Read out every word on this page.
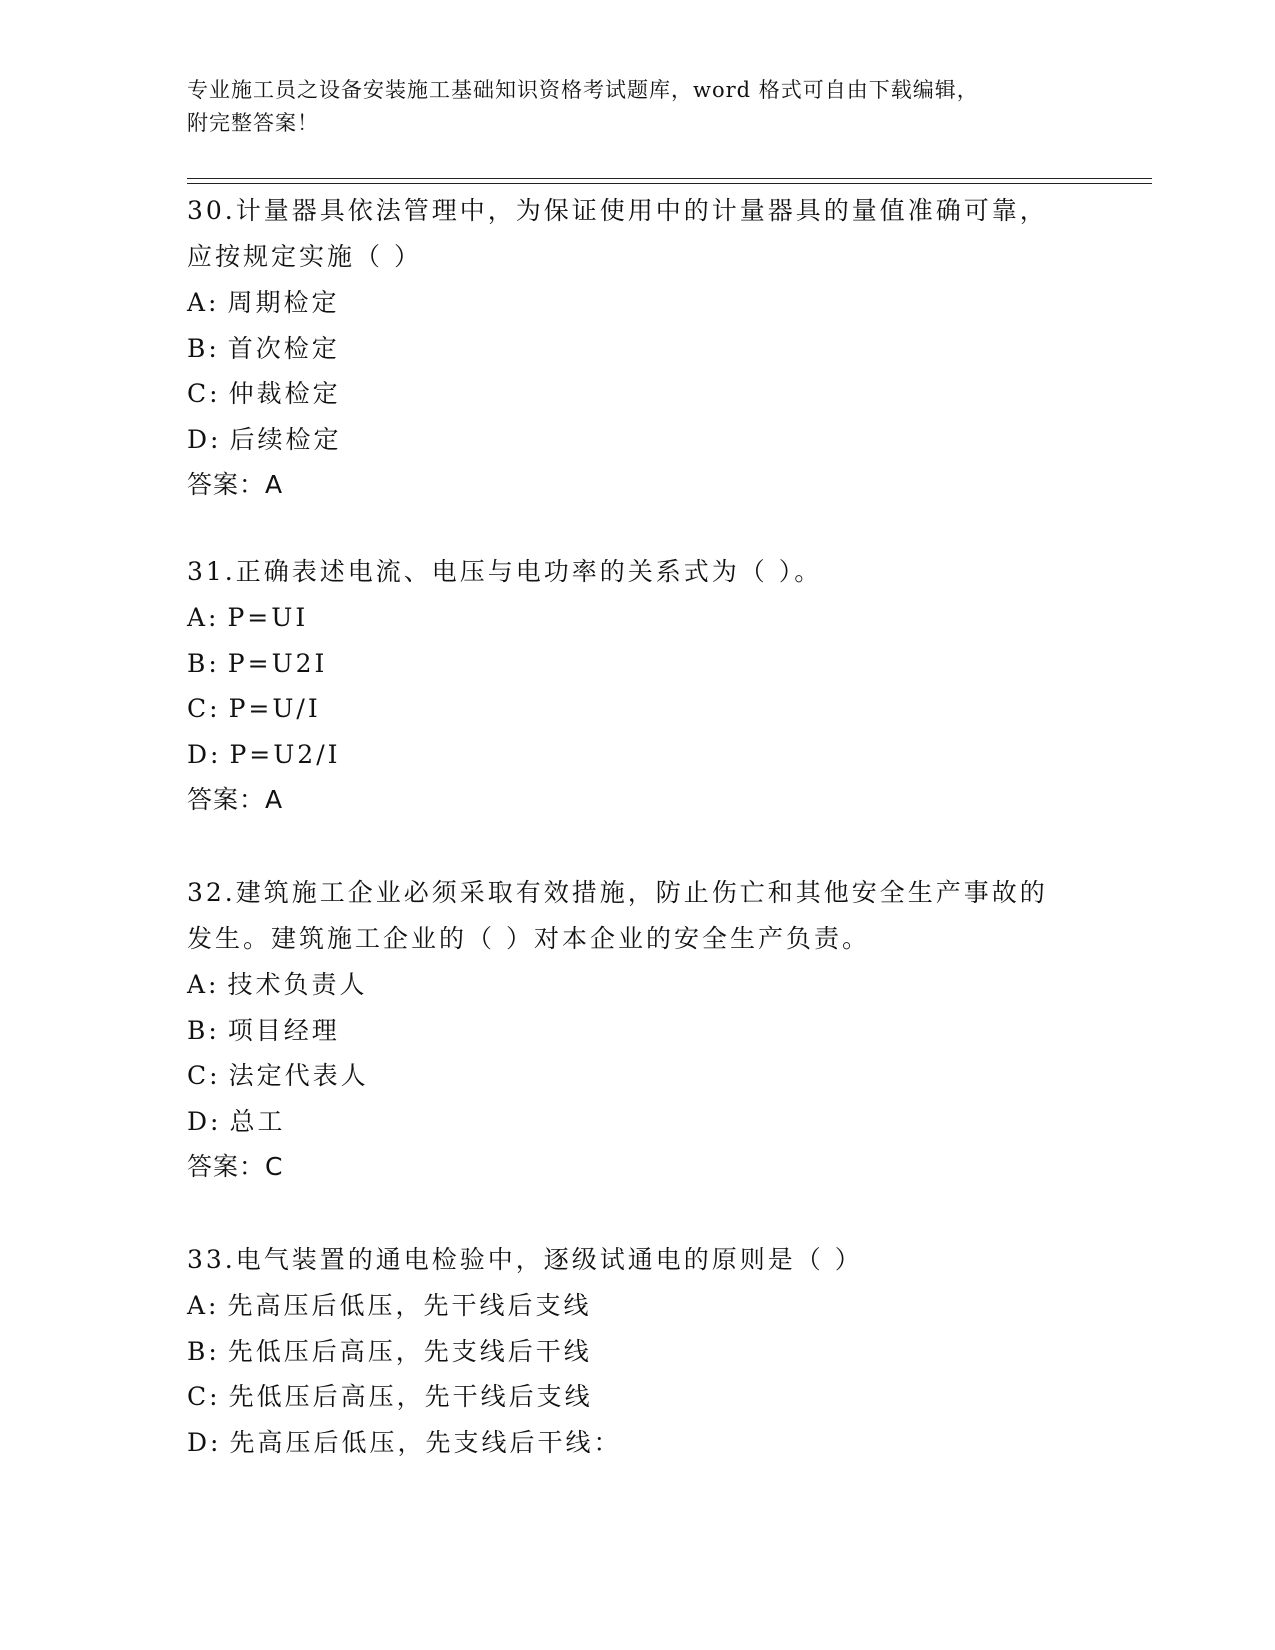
专业施工员之设备安装施工基础知识资格考试题库，word 格式可自由下载编辑，
附完整答案！
30.计量器具依法管理中，为保证使用中的计量器具的量值准确可靠，
应按规定实施（ ）
A: 周期检定
B: 首次检定
C: 仲裁检定
D: 后续检定
答案：A
31.正确表述电流、电压与电功率的关系式为（ ）。
A: P=UI
B: P=U2I
C: P=U/I
D: P=U2/I
答案：A
32.建筑施工企业必须采取有效措施，防止伤亡和其他安全生产事故的
发生。建筑施工企业的（ ）对本企业的安全生产负责。
A: 技术负责人
B: 项目经理
C: 法定代表人
D: 总工
答案：C
33.电气装置的通电检验中，逐级试通电的原则是（ ）
A: 先高压后低压，先干线后支线
B: 先低压后高压，先支线后干线
C: 先低压后高压，先干线后支线
D: 先高压后低压，先支线后干线：
